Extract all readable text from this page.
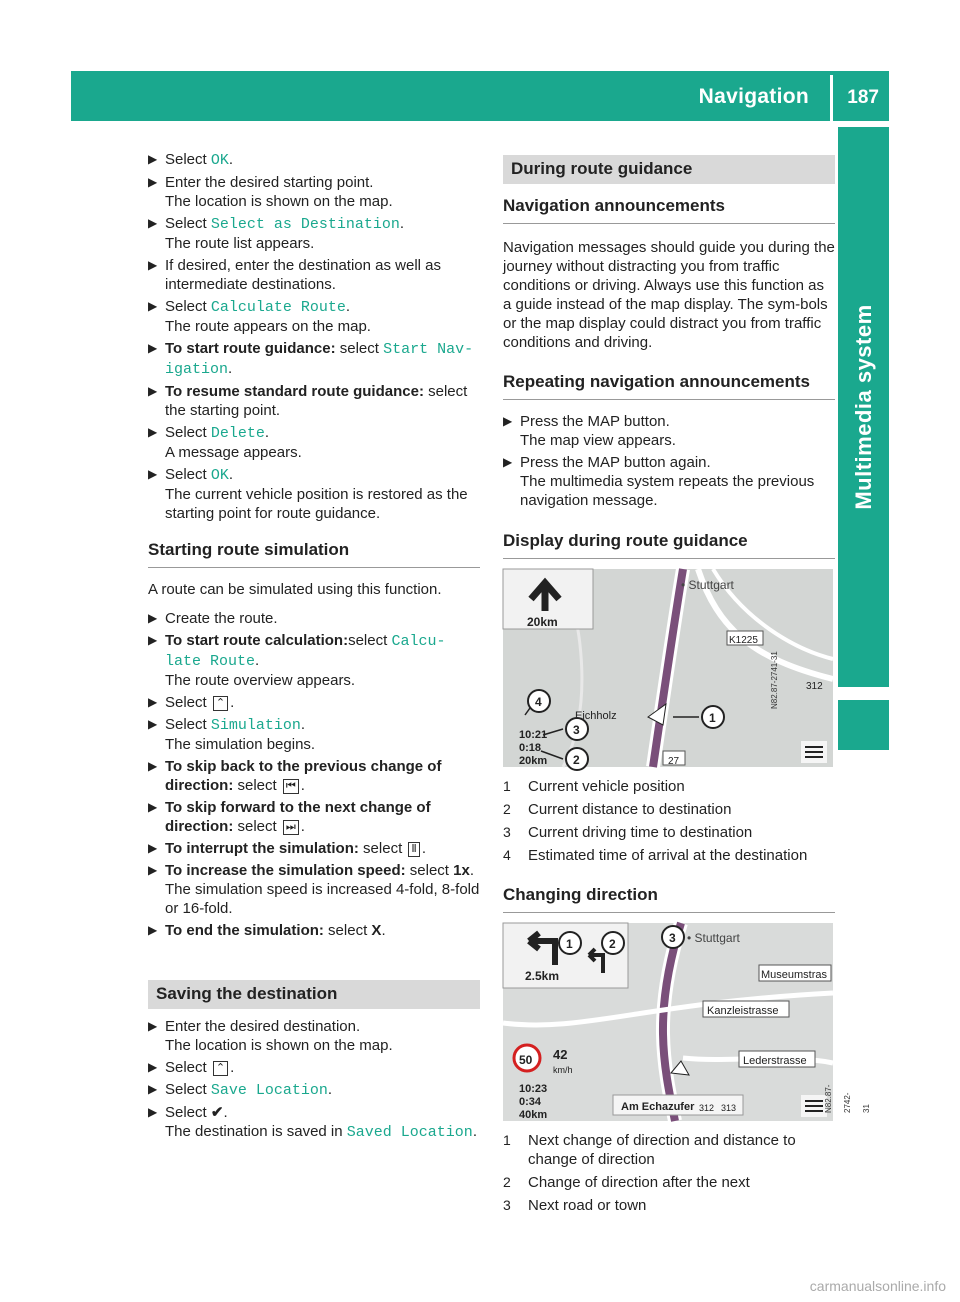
Navigation 187
Multimedia system
▶ Select OK.
▶ Enter the desired starting point.
The location is shown on the map.
▶ Select Select as Destination.
The route list appears.
▶ If desired, enter the destination as well as intermediate destinations.
▶ Select Calculate Route.
The route appears on the map.
▶ To start route guidance: select Start Nav‐igation.
▶ To resume standard route guidance: select the starting point.
▶ Select Delete.
A message appears.
▶ Select OK.
The current vehicle position is restored as the starting point for route guidance.
Starting route simulation
A route can be simulated using this function.
▶ Create the route.
▶ To start route calculation:select Calcu‐late Route.
The route overview appears.
▶ Select ⌃ .
▶ Select Simulation.
The simulation begins.
▶ To skip back to the previous change of direction: select ⏮ .
▶ To skip forward to the next change of direction: select ⏭ .
▶ To interrupt the simulation: select Ⅱ .
▶ To increase the simulation speed: select 1x.
The simulation speed is increased 4-fold, 8-fold or 16-fold.
▶ To end the simulation: select X.
Saving the destination
▶ Enter the desired destination.
The location is shown on the map.
▶ Select ⌃ .
▶ Select Save Location.
▶ Select ✔.
The destination is saved in Saved Location.
During route guidance
Navigation announcements
Navigation messages should guide you during the journey without distracting you from traffic conditions or driving. Always use this function as a guide instead of the map display. The sym-bols or the map display could distract you from traffic conditions and driving.
Repeating navigation announcements
▶ Press the MAP button.
The map view appears.
▶ Press the MAP button again.
The multimedia system repeats the previous navigation message.
Display during route guidance
• Stuttgart
20km
K1225
312
Eichholz
10:21
0:18
20km	27
N82.87-2741-31
1
2
3
4
1 Current vehicle position
2 Current distance to destination
3 Current driving time to destination
4 Estimated time of arrival at the destination
Changing direction
• Stuttgart
2.5km
1	2	3
Museumstras
Kanzleistrasse
Lederstrasse
50 42
km/h
10:23
0:34
40km
Am Echazufer 312 313	N82.87-2742-31
1 Next change of direction and distance to change of direction
2 Change of direction after the next
3 Next road or town
carmanualsonline.info
